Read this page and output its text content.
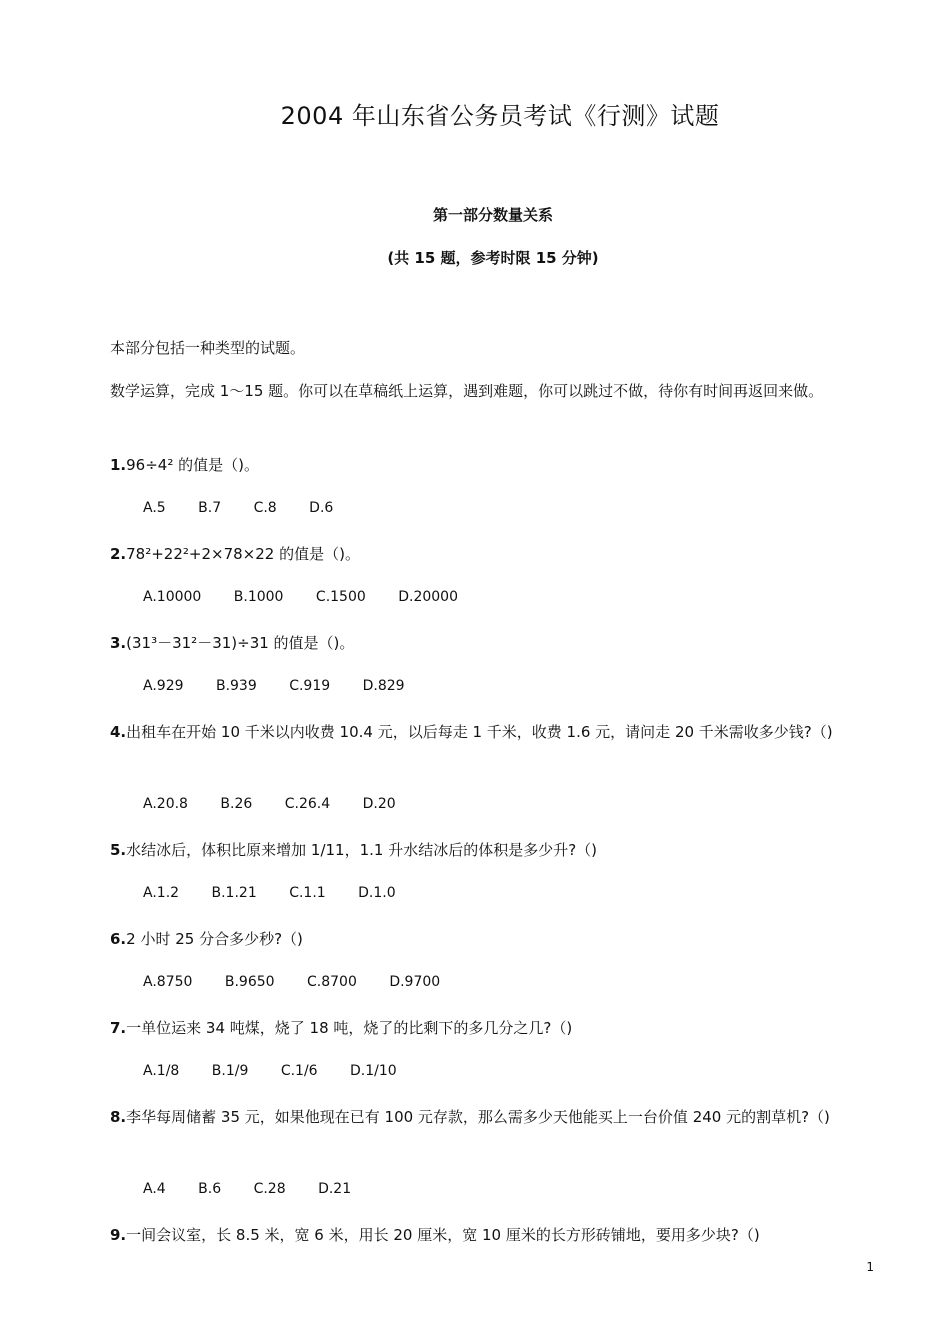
2004 年山东省公务员考试《行测》试题
第一部分数量关系
(共 15 题，参考时限 15 分钟)
本部分包括一种类型的试题。
数学运算，完成 1～15 题。你可以在草稿纸上运算，遇到难题，你可以跳过不做，待你有时间再返回来做。
1.96÷4² 的值是（)。
A.5 B.7 C.8 D.6
2.78²+22²+2×78×22 的值是（)。
A.10000 B.1000 C.1500 D.20000
3.(31³－31²－31)÷31 的值是（)。
A.929 B.939 C.919 D.829
4.出租车在开始 10 千米以内收费 10.4 元，以后每走 1 千米，收费 1.6 元，请问走 20 千米需收多少钱?（)
A.20.8 B.26 C.26.4 D.20
5.水结冰后，体积比原来增加 1/11，1.1 升水结冰后的体积是多少升?（)
A.1.2 B.1.21 C.1.1 D.1.0
6.2 小时 25 分合多少秒?（)
A.8750 B.9650 C.8700 D.9700
7.一单位运来 34 吨煤，烧了 18 吨，烧了的比剩下的多几分之几?（)
A.1/8 B.1/9 C.1/6 D.1/10
8.李华每周储蓄 35 元，如果他现在已有 100 元存款，那么需多少天他能买上一台价值 240 元的割草机?（)
A.4 B.6 C.28 D.21
9.一间会议室，长 8.5 米，宽 6 米，用长 20 厘米，宽 10 厘米的长方形砖铺地，要用多少块?（)
1
